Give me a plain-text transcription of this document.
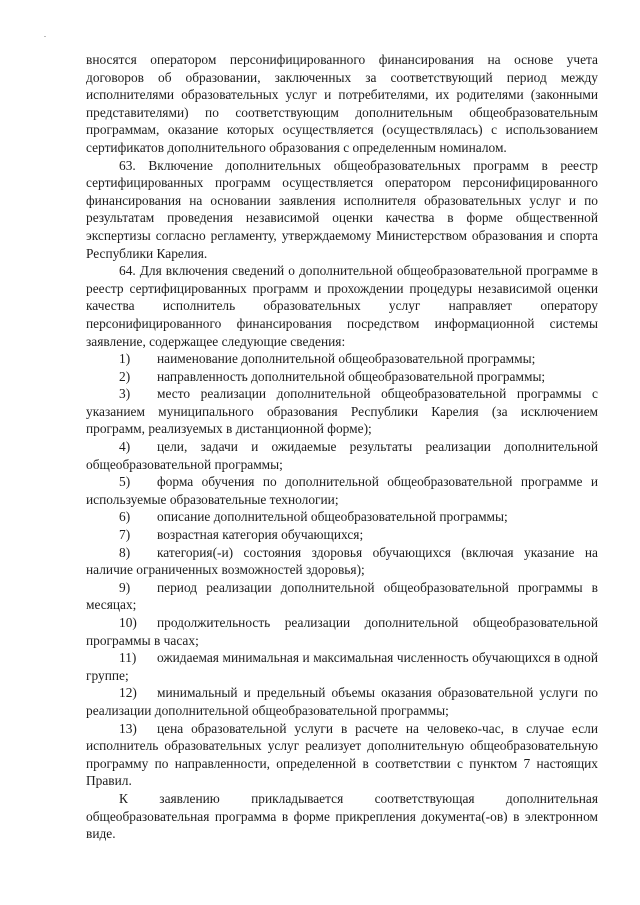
вносятся оператором персонифицированного финансирования на основе учета договоров об образовании, заключенных за соответствующий период между исполнителями образовательных услуг и потребителями, их родителями (законными представителями) по соответствующим дополнительным общеобразовательным программам, оказание которых осуществляется (осуществлялась) с использованием сертификатов дополнительного образования с определенным номиналом.

63. Включение дополнительных общеобразовательных программ в реестр сертифицированных программ осуществляется оператором персонифицированного финансирования на основании заявления исполнителя образовательных услуг и по результатам проведения независимой оценки качества в форме общественной экспертизы согласно регламенту, утверждаемому Министерством образования и спорта Республики Карелия.

64. Для включения сведений о дополнительной общеобразовательной программе в реестр сертифицированных программ и прохождении процедуры независимой оценки качества исполнитель образовательных услуг направляет оператору персонифицированного финансирования посредством информационной системы заявление, содержащее следующие сведения:

1) наименование дополнительной общеобразовательной программы;

2) направленность дополнительной общеобразовательной программы;

3) место реализации дополнительной общеобразовательной программы с указанием муниципального образования Республики Карелия (за исключением программ, реализуемых в дистанционной форме);

4) цели, задачи и ожидаемые результаты реализации дополнительной общеобразовательной программы;

5) форма обучения по дополнительной общеобразовательной программе и используемые образовательные технологии;

6) описание дополнительной общеобразовательной программы;

7) возрастная категория обучающихся;

8) категория(-и) состояния здоровья обучающихся (включая указание на наличие ограниченных возможностей здоровья);

9) период реализации дополнительной общеобразовательной программы в месяцах;

10) продолжительность реализации дополнительной общеобразовательной программы в часах;

11) ожидаемая минимальная и максимальная численность обучающихся в одной группе;

12) минимальный и предельный объемы оказания образовательной услуги по реализации дополнительной общеобразовательной программы;

13) цена образовательной услуги в расчете на человеко-час, в случае если исполнитель образовательных услуг реализует дополнительную общеобразовательную программу по направленности, определенной в соответствии с пунктом 7 настоящих Правил.

К заявлению прикладывается соответствующая дополнительная общеобразовательная программа в форме прикрепления документа(-ов) в электронном виде.
